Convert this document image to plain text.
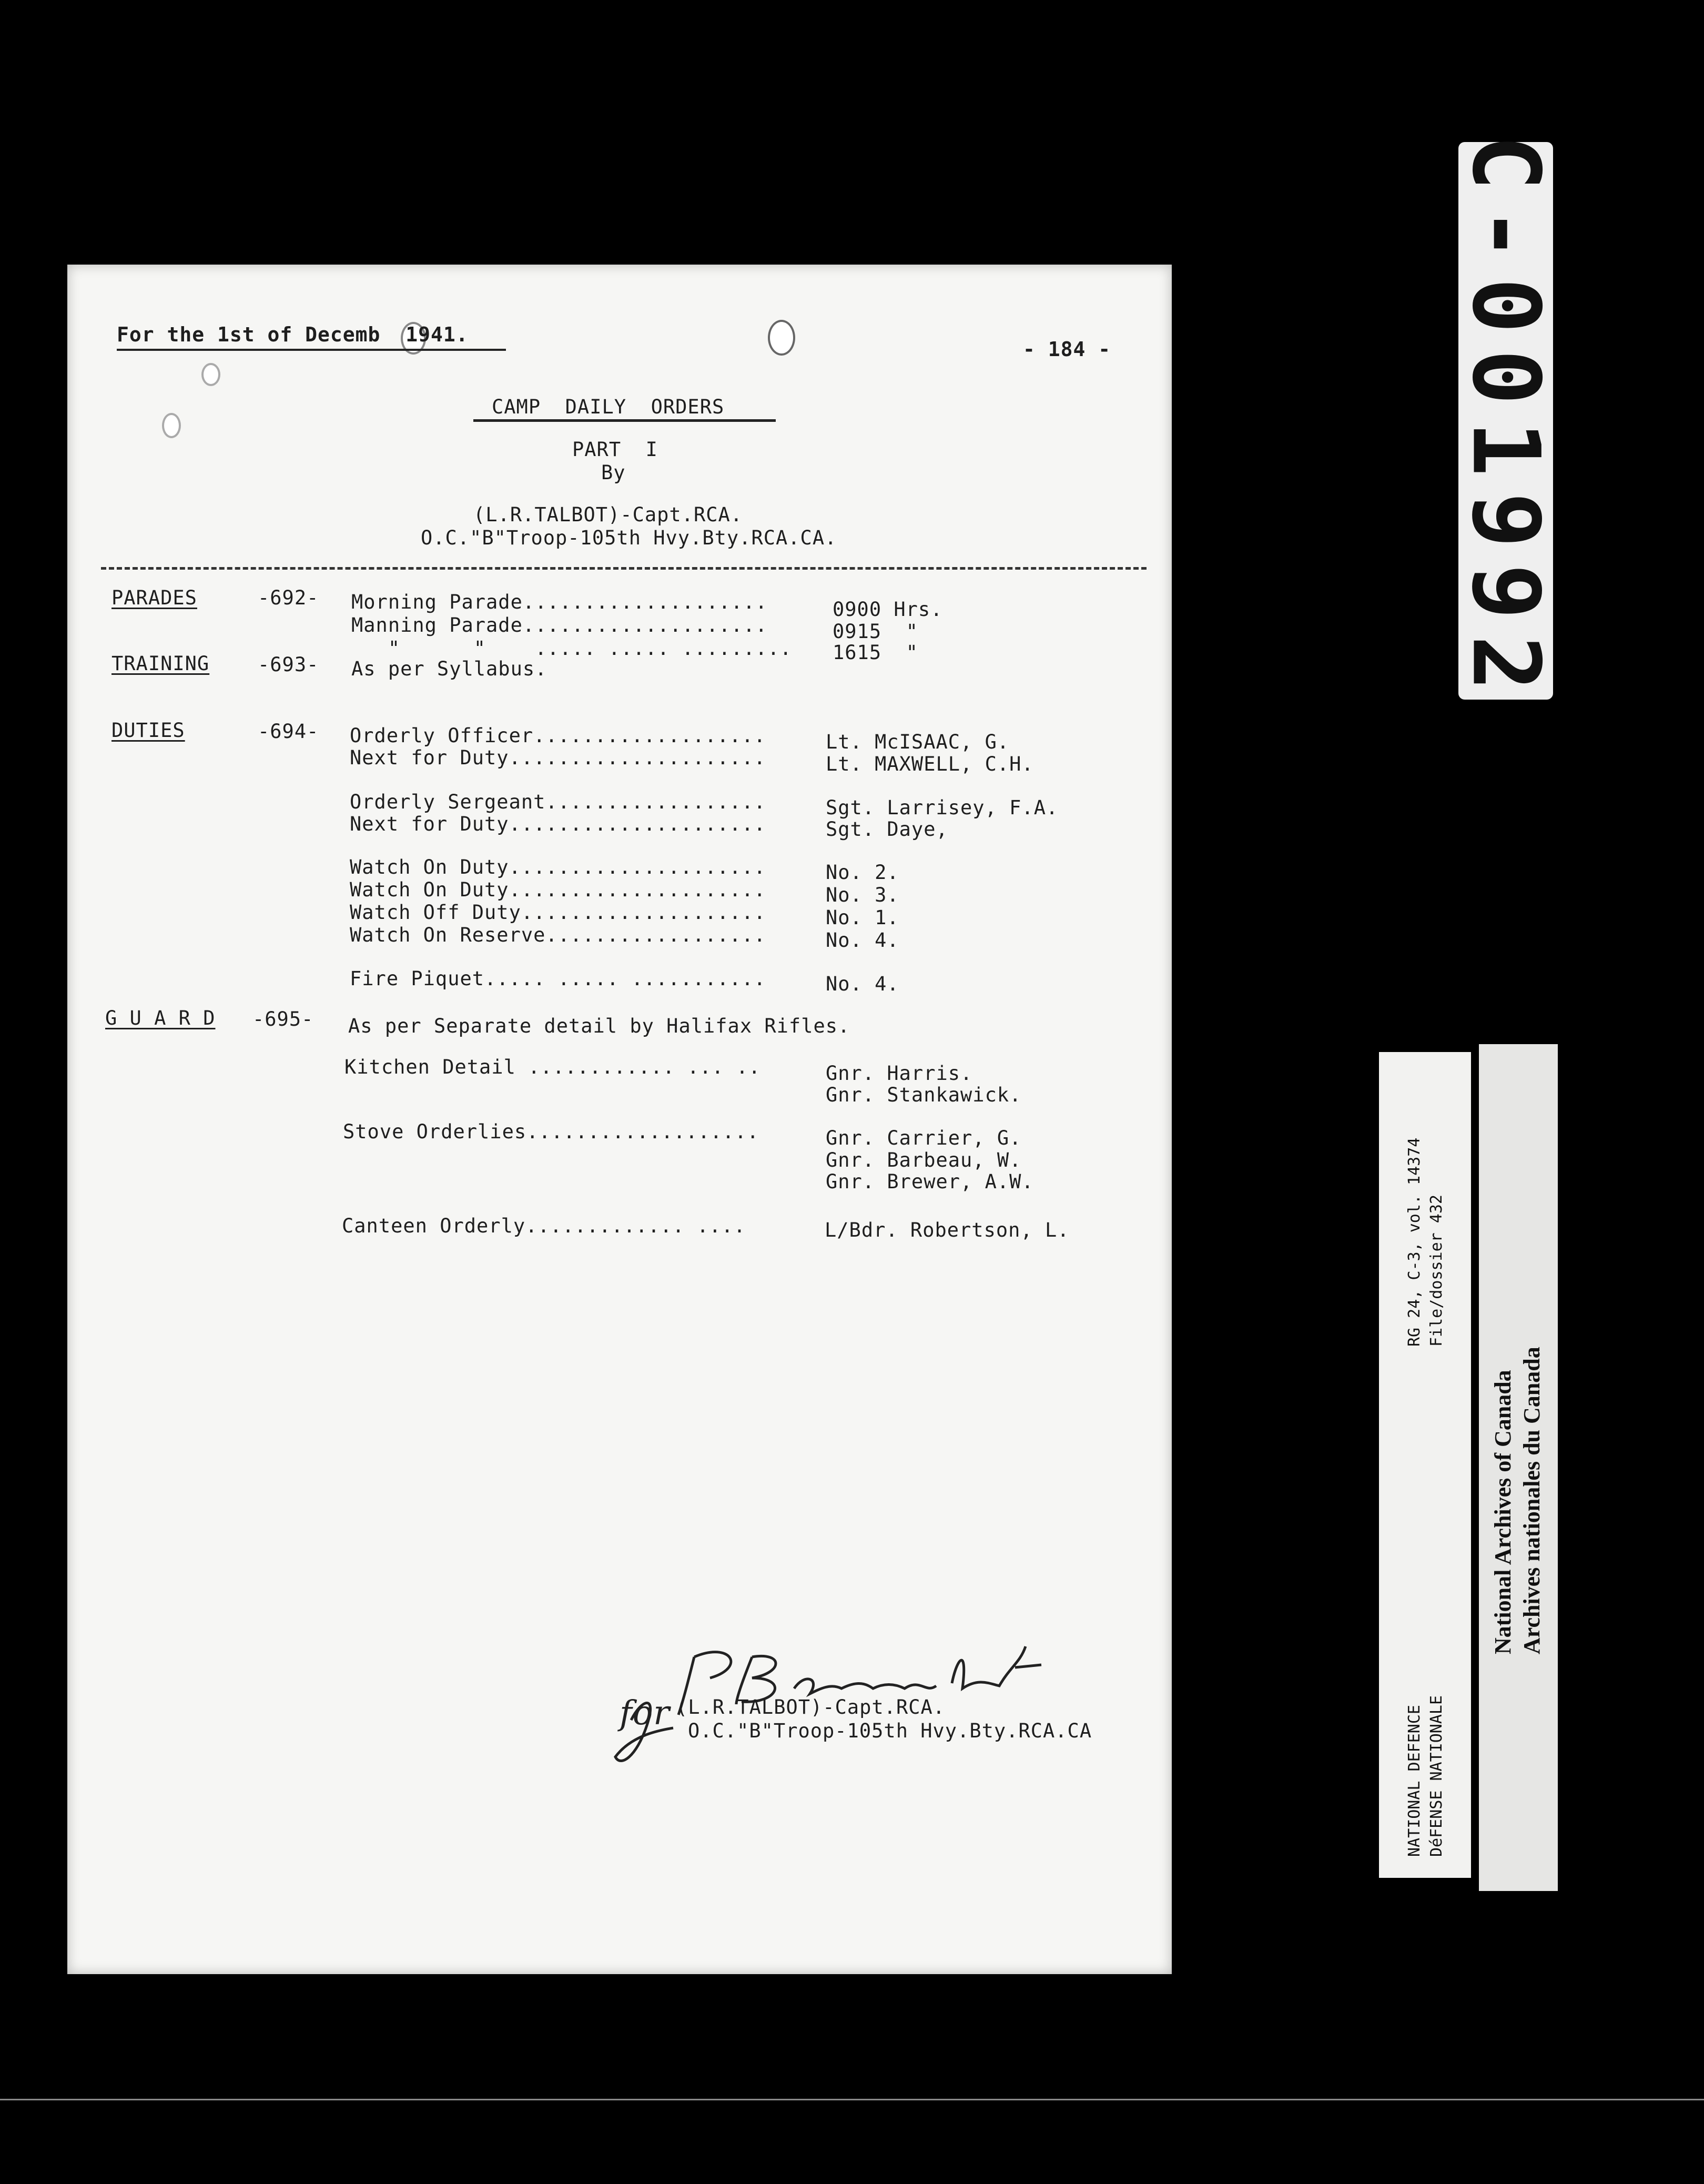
For the 1st of Decemb  1941.
- 184 -
CAMP  DAILY  ORDERS
PART  I
By
(L.R.TALBOT)-Capt.RCA.
O.C."B"Troop-105th Hvy.Bty.RCA.CA.
PARADES	-692- Morning Parade....................	0900 Hrs.
Manning Parade....................	0915  "
"      "    ..... ..... ......... 1615  "
TRAINING -693- As per Syllabus.
DUTIES	-694- Orderly Officer...................	Lt. McISAAC, G.
Next for Duty.....................	Lt. MAXWELL, C.H.
Orderly Sergeant..................	Sgt. Larrisey, F.A.
Next for Duty.....................	Sgt. Daye,
Watch On Duty.....................	No. 2.
Watch On Duty.....................	No. 3.
Watch Off Duty....................	No. 1.
Watch On Reserve..................	No. 4.
Fire Piquet..... ..... ...........	No. 4.
G U A R D -695- As per Separate detail by Halifax Rifles.
Kitchen Detail ............ ... ..	Gnr. Harris.
Gnr. Stankawick.
Stove Orderlies...................	Gnr. Carrier, G.
Gnr. Barbeau, W.
Gnr. Brewer, A.W.
Canteen Orderly............. ....	L/Bdr. Robertson, L.
for (L.R.TALBOT)-Capt.RCA.
O.C."B"Troop-105th Hvy.Bty.RCA.CA
C-001992
RG 24, C-3, vol. 14374 File/dossier 432
NATIONAL DEFENCE DéFENSE NATIONALE
National Archives of Canada Archives nationales du Canada
